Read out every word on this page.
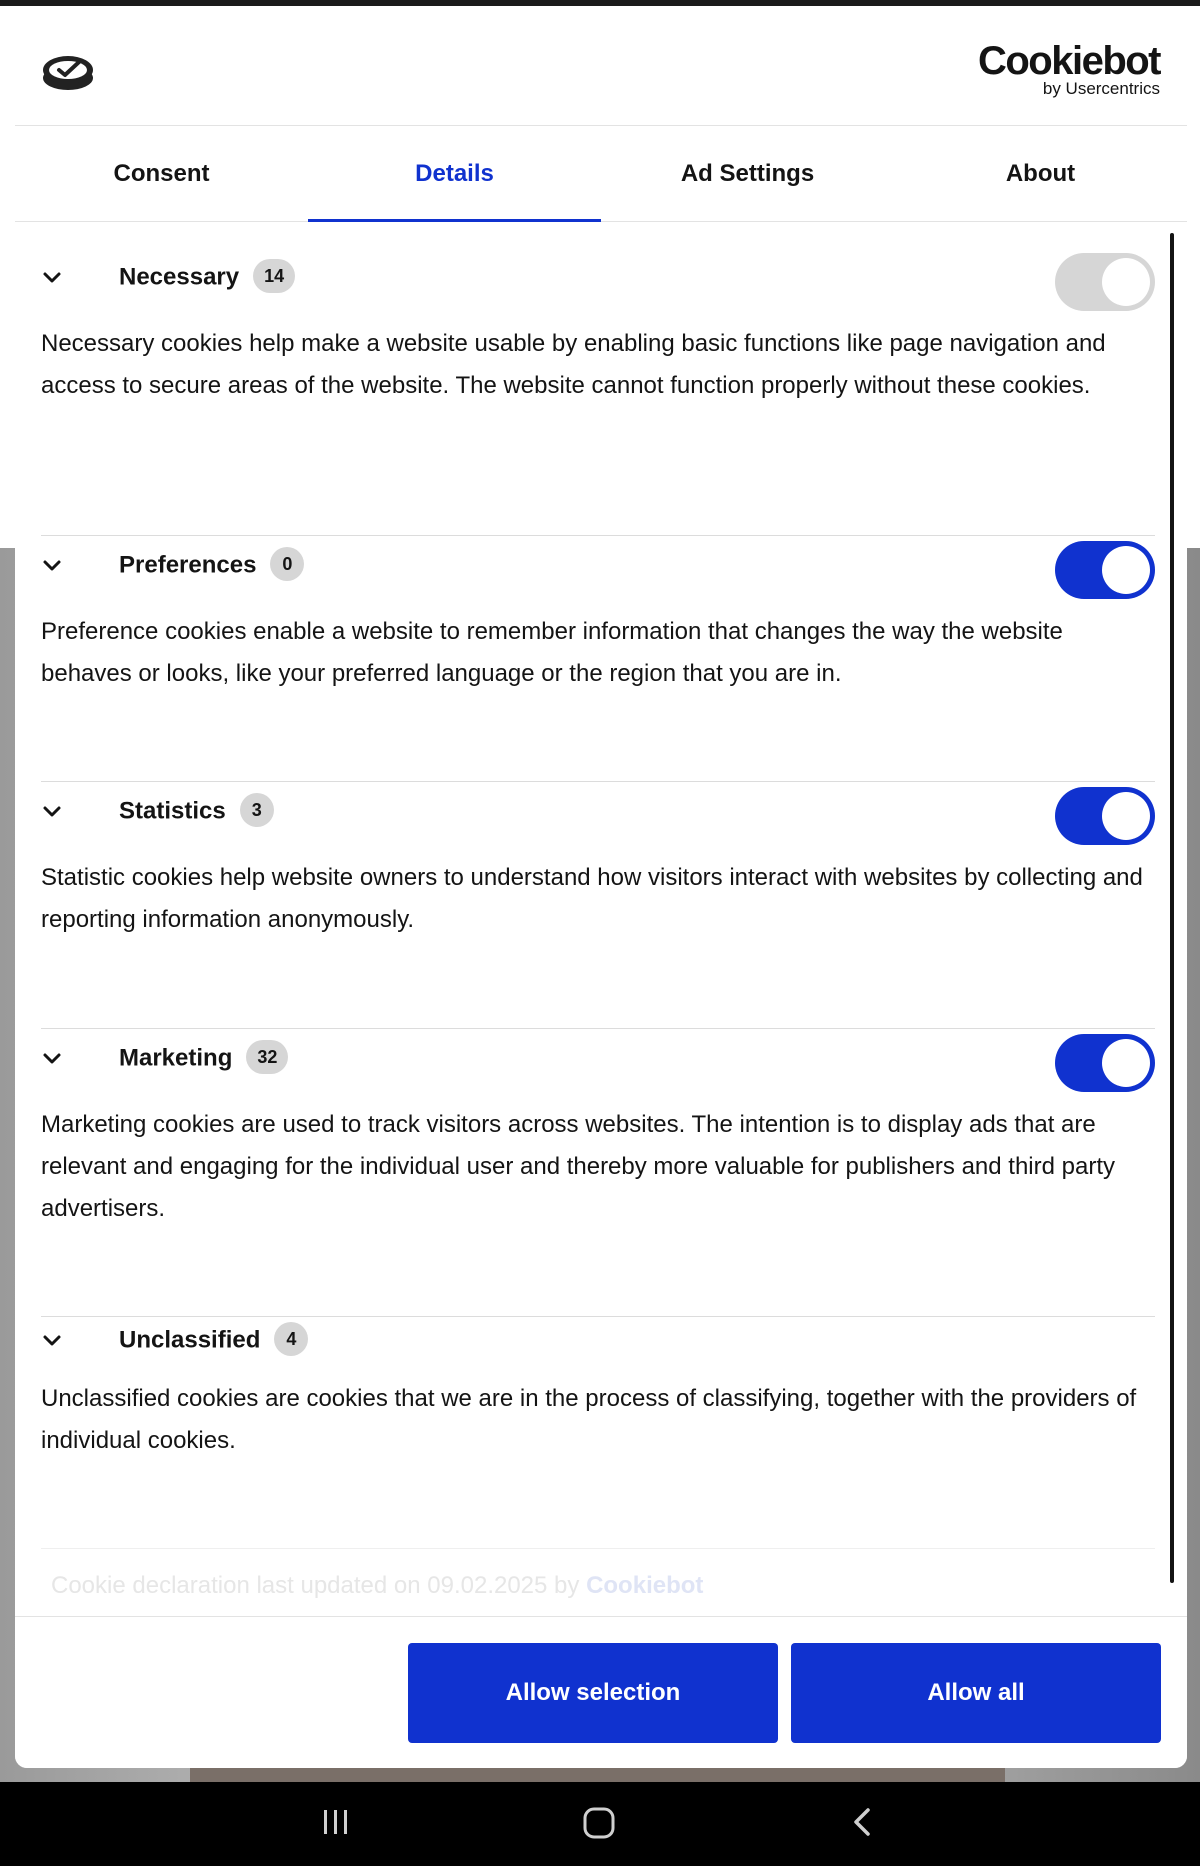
Cookiebot
by Usercentrics
Consent	Details	Ad Settings	About
Necessary 14
Necessary cookies help make a website usable by enabling basic functions like page navigation and access to secure areas of the website. The website cannot function properly without these cookies.
Preferences 0
Preference cookies enable a website to remember information that changes the way the website behaves or looks, like your preferred language or the region that you are in.
Statistics 3
Statistic cookies help website owners to understand how visitors interact with websites by collecting and reporting information anonymously.
Marketing 32
Marketing cookies are used to track visitors across websites. The intention is to display ads that are relevant and engaging for the individual user and thereby more valuable for publishers and third party advertisers.
Unclassified 4
Unclassified cookies are cookies that we are in the process of classifying, together with the providers of individual cookies.
Cookie declaration last updated on 09.02.2025 by Cookiebot
Allow selection	Allow all
